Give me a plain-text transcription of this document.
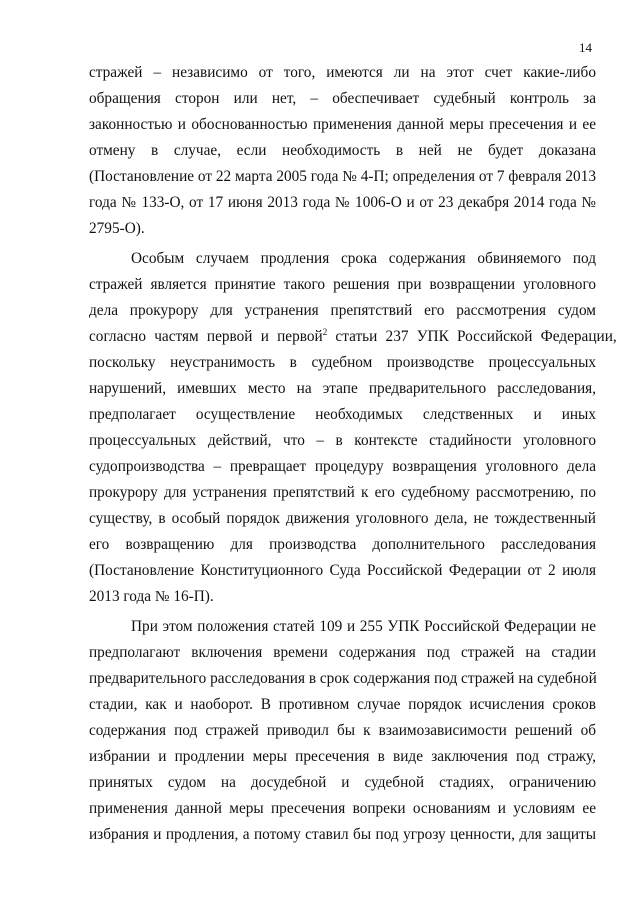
14
стражей – независимо от того, имеются ли на этот счет какие-либо
обращения сторон или нет, – обеспечивает судебный контроль за
законностью и обоснованностью применения данной меры пресечения и ее
отмену в случае, если необходимость в ней не будет доказана
(Постановление от 22 марта 2005 года № 4-П; определения от 7 февраля 2013
года № 133-О, от 17 июня 2013 года № 1006-О и от 23 декабря 2014 года №
2795-О).
Особым случаем продления срока содержания обвиняемого под
стражей является принятие такого решения при возвращении уголовного
дела прокурору для устранения препятствий его рассмотрения судом
согласно частям первой и первой$^2$ статьи 237 УПК Российской Федерации,
поскольку неустранимость в судебном производстве процессуальных
нарушений, имевших место на этапе предварительного расследования,
предполагает осуществление необходимых следственных и иных
процессуальных действий, что – в контексте стадийности уголовного
судопроизводства – превращает процедуру возвращения уголовного дела
прокурору для устранения препятствий к его судебному рассмотрению, по
существу, в особый порядок движения уголовного дела, не тождественный
его возвращению для производства дополнительного расследования
(Постановление Конституционного Суда Российской Федерации от 2 июля
2013 года № 16-П).
При этом положения статей 109 и 255 УПК Российской Федерации не
предполагают включения времени содержания под стражей на стадии
предварительного расследования в срок содержания под стражей на судебной
стадии, как и наоборот. В противном случае порядок исчисления сроков
содержания под стражей приводил бы к взаимозависимости решений об
избрании и продлении меры пресечения в виде заключения под стражу,
принятых судом на досудебной и судебной стадиях, ограничению
применения данной меры пресечения вопреки основаниям и условиям ее
избрания и продления, а потому ставил бы под угрозу ценности, для защиты
